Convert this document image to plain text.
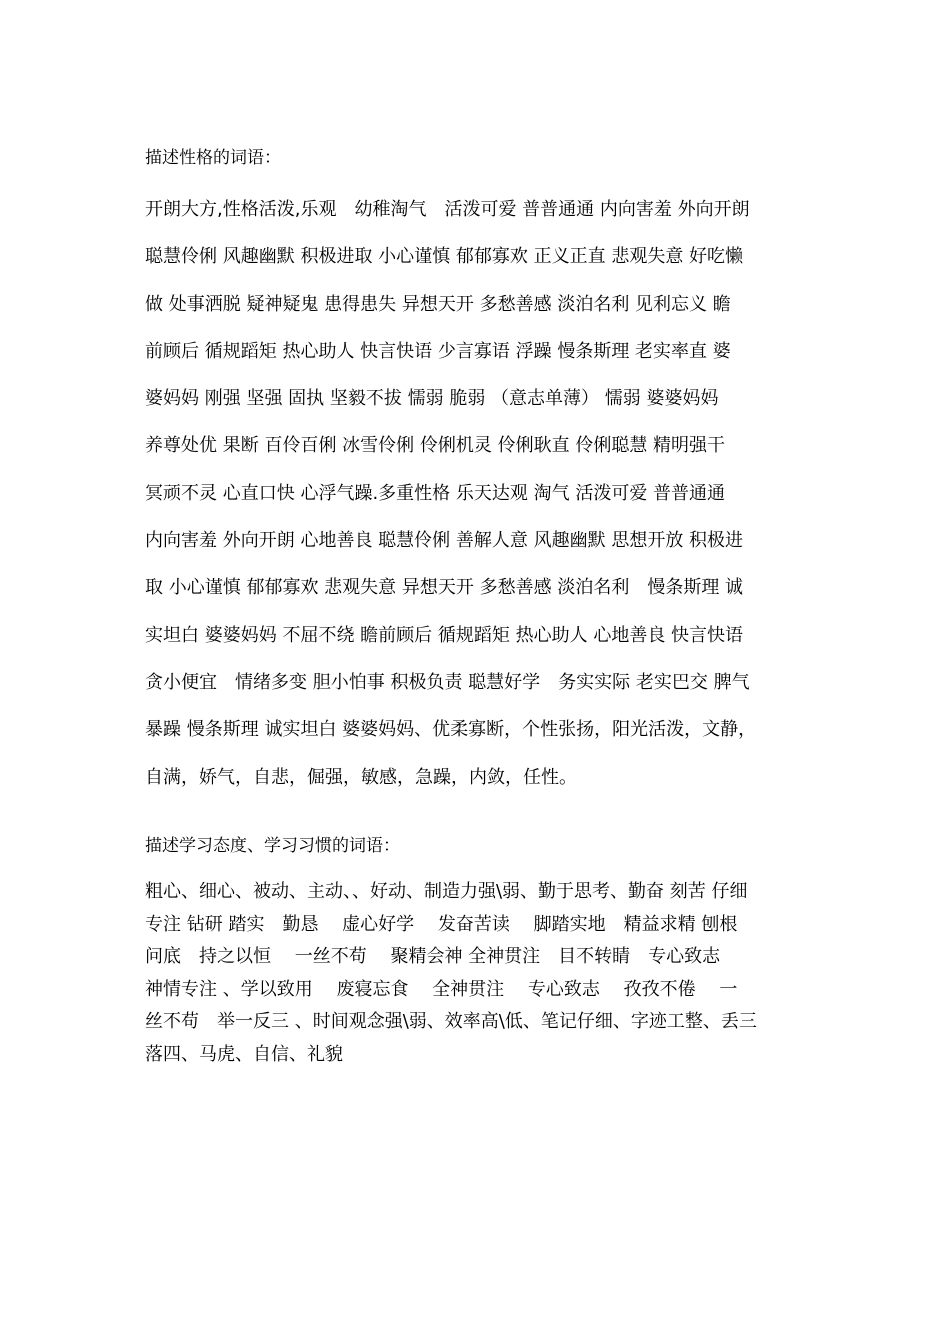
描述性格的词语：
开朗大方,性格活泼,乐观　幼稚淘气　活泼可爱 普普通通 内向害羞 外向开朗
聪慧伶俐 风趣幽默 积极进取 小心谨慎 郁郁寡欢 正义正直 悲观失意 好吃懒
做 处事洒脱 疑神疑鬼 患得患失 异想天开 多愁善感 淡泊名利 见利忘义 瞻
前顾后 循规蹈矩 热心助人 快言快语 少言寡语 浮躁 慢条斯理 老实率直 婆
婆妈妈 刚强 坚强 固执 坚毅不拔 懦弱 脆弱 （意志单薄） 懦弱 婆婆妈妈
养尊处优 果断 百伶百俐 冰雪伶俐 伶俐机灵 伶俐耿直 伶俐聪慧 精明强干
冥顽不灵 心直口快 心浮气躁.多重性格 乐天达观 淘气 活泼可爱 普普通通
内向害羞 外向开朗 心地善良 聪慧伶俐 善解人意 风趣幽默 思想开放 积极进
取 小心谨慎 郁郁寡欢 悲观失意 异想天开 多愁善感 淡泊名利　慢条斯理 诚
实坦白 婆婆妈妈 不屈不绕 瞻前顾后 循规蹈矩 热心助人 心地善良 快言快语
贪小便宜　情绪多变 胆小怕事 积极负责 聪慧好学　务实实际 老实巴交 脾气
暴躁 慢条斯理 诚实坦白 婆婆妈妈、优柔寡断，个性张扬，阳光活泼，文静，
自满，娇气，自悲，倔强，敏感，急躁，内敛，任性。
描述学习态度、学习习惯的词语：
粗心、细心、被动、主动、、好动、制造力强\弱、勤于思考、勤奋 刻苦 仔细
专注 钻研 踏实　勤恳　 虚心好学　 发奋苦读　 脚踏实地　精益求精 刨根
问底　持之以恒　 一丝不苟　 聚精会神 全神贯注　目不转睛　专心致志
神情专注 、学以致用　 废寝忘食　 全神贯注　 专心致志　 孜孜不倦　 一
丝不苟　举一反三 、时间观念强\弱、效率高\低、笔记仔细、字迹工整、丢三
落四、马虎、自信、礼貌
